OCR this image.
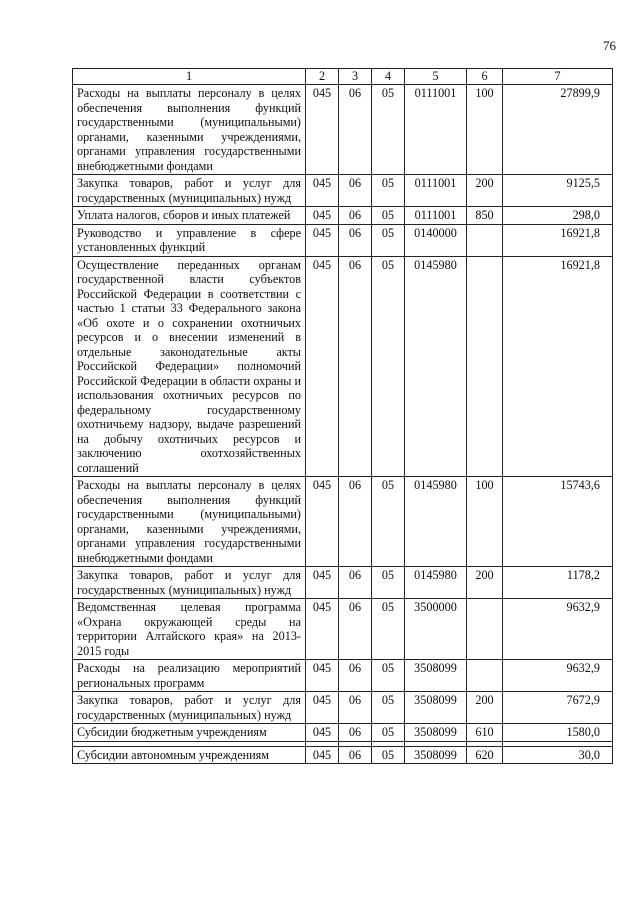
76
1	2	3	4	5	6	7
Расходы на выплаты персоналу в целях обеспечения выполнения функций государственными (муниципальными) органами, казенными учреждениями, органами управления государственными внебюджетными фондами	045	06	05	0111001	100	27899,9
Закупка товаров, работ и услуг для государственных (муниципальных) нужд	045	06	05	0111001	200	9125,5
Уплата налогов, сборов и иных платежей	045	06	05	0111001	850	298,0
Руководство и управление в сфере установленных функций	045	06	05	0140000		16921,8
Осуществление переданных органам государственной власти субъектов Российской Федерации в соответствии с частью 1 статьи 33 Федерального закона «Об охоте и о сохранении охотничьих ресурсов и о внесении изменений в отдельные законодательные акты Российской Федерации» полномочий Российской Федерации в области охраны и использования охотничьих ресурсов по федеральному государственному охотничьему надзору, выдаче разрешений на добычу охотничьих ресурсов и заключению охотхозяйственных соглашений	045	06	05	0145980		16921,8
Расходы на выплаты персоналу в целях обеспечения выполнения функций государственными (муниципальными) органами, казенными учреждениями, органами управления государственными внебюджетными фондами	045	06	05	0145980	100	15743,6
Закупка товаров, работ и услуг для государственных (муниципальных) нужд	045	06	05	0145980	200	1178,2
Ведомственная целевая программа «Охрана окружающей среды на территории Алтайского края» на 2013-2015 годы	045	06	05	3500000		9632,9
Расходы на реализацию мероприятий региональных программ	045	06	05	3508099		9632,9
Закупка товаров, работ и услуг для государственных (муниципальных) нужд	045	06	05	3508099	200	7672,9
Субсидии бюджетным учреждениям	045	06	05	3508099	610	1580,0

Субсидии автономным учреждениям	045	06	05	3508099	620	30,0
